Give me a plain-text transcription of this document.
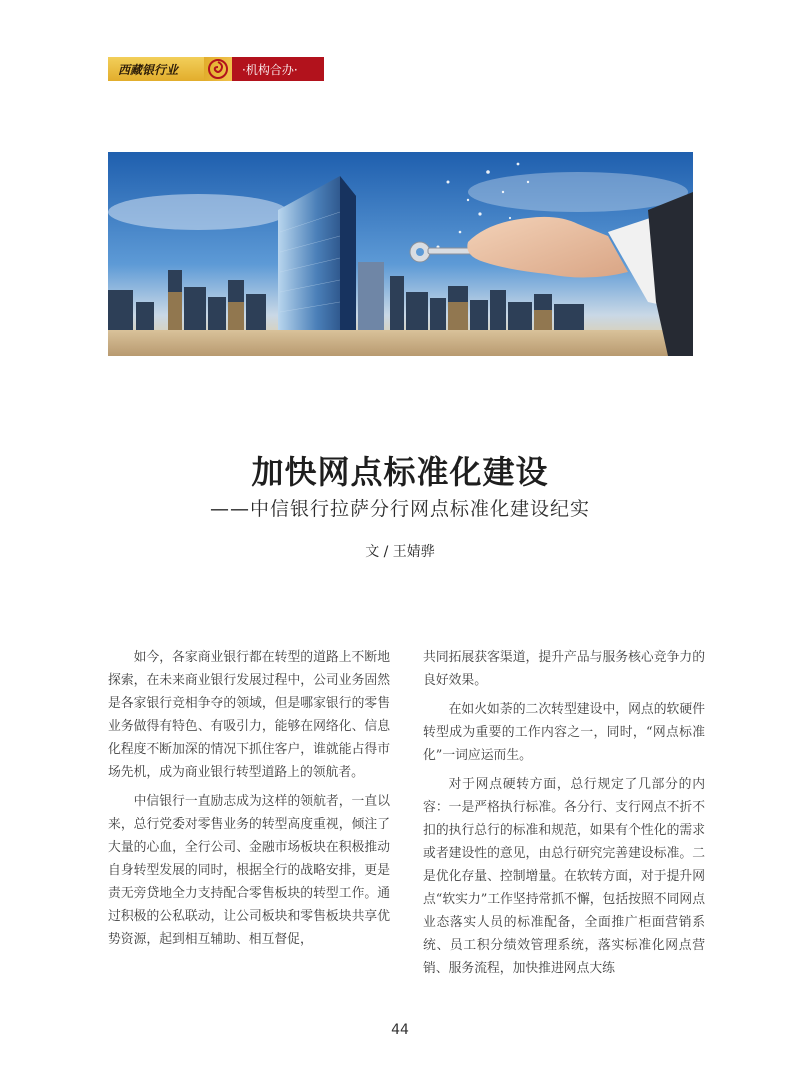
西藏银行业	·机构合办·
加快网点标准化建设
——中信银行拉萨分行网点标准化建设纪实
文 / 王婧骅

如今，各家商业银行都在转型的道路上不断地探索，在未来商业银行发展过程中，公司业务固然是各家银行竞相争夺的领域，但是哪家银行的零售业务做得有特色、有吸引力，能够在网络化、信息化程度不断加深的情况下抓住客户，谁就能占得市场先机，成为商业银行转型道路上的领航者。

中信银行一直励志成为这样的领航者，一直以来，总行党委对零售业务的转型高度重视，倾注了大量的心血，全行公司、金融市场板块在积极推动自身转型发展的同时，根据全行的战略安排，更是责无旁贷地全力支持配合零售板块的转型工作。通过积极的公私联动，让公司板块和零售板块共享优势资源，起到相互辅助、相互督促，

共同拓展获客渠道，提升产品与服务核心竞争力的良好效果。

在如火如荼的二次转型建设中，网点的软硬件转型成为重要的工作内容之一，同时，“网点标准化”一词应运而生。

对于网点硬转方面，总行规定了几部分的内容：一是严格执行标准。各分行、支行网点不折不扣的执行总行的标准和规范，如果有个性化的需求或者建设性的意见，由总行研究完善建设标准。二是优化存量、控制增量。在软转方面，对于提升网点“软实力”工作坚持常抓不懈，包括按照不同网点业态落实人员的标准配备，全面推广柜面营销系统、员工积分绩效管理系统，落实标准化网点营销、服务流程，加快推进网点大练

44
